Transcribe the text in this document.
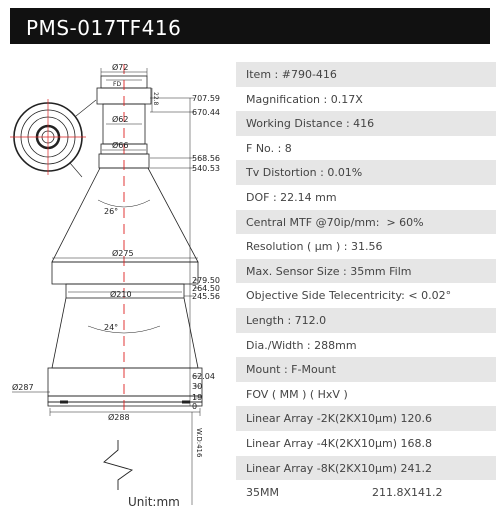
PMS-017TF416
Ø72
FD
Ø62
Ø66
Ø275
Ø210
Ø287
Ø288
26°
24°
22.8
W.D:416
707.59
670.44
568.56
540.53
279.50
264.50
245.56
62.04
30
19
0
Unit:mm
Item : #790-416
Magnification : 0.17X
Working Distance : 416
F No. : 8
Tv Distortion : 0.01%
DOF : 22.14 mm
Central MTF @70ip/mm:  > 60%
Resolution ( μm ) : 31.56
Max. Sensor Size : 35mm Film
Objective Side Telecentricity: < 0.02°
Length : 712.0
Dia./Width : 288mm
Mount : F-Mount
FOV ( MM ) ( HxV )
Linear Array -2K(2KX10μm) 120.6
Linear Array -4K(2KX10μm) 168.8
Linear Array -8K(2KX10μm) 241.2
35MM	211.8X141.2
